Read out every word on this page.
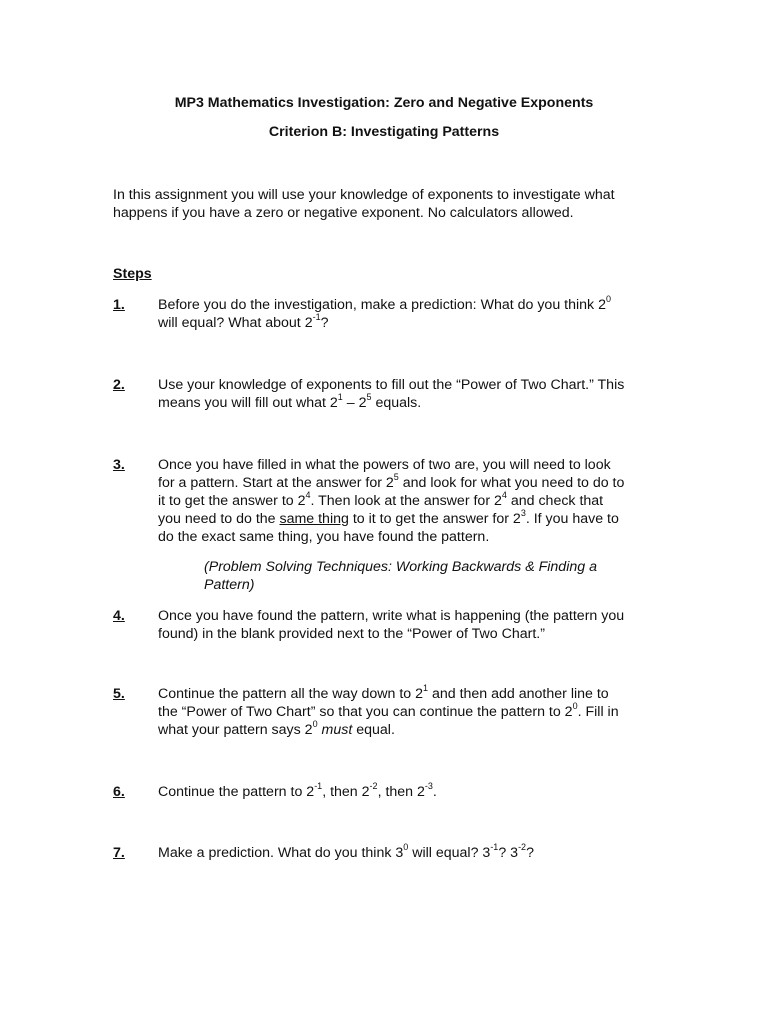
MP3 Mathematics Investigation: Zero and Negative Exponents
Criterion B: Investigating Patterns
In this assignment you will use your knowledge of exponents to investigate what
happens if you have a zero or negative exponent. No calculators allowed.
Steps
1. Before you do the investigation, make a prediction: What do you think $2^0$
will equal? What about $2^{-1}$?
2. Use your knowledge of exponents to fill out the “Power of Two Chart.” This
means you will fill out what $2^1 - 2^5$ equals.
3. Once you have filled in what the powers of two are, you will need to look
for a pattern. Start at the answer for $2^5$ and look for what you need to do to
it to get the answer to $2^4$. Then look at the answer for $2^4$ and check that
you need to do the same thing to it to get the answer for $2^3$. If you have to
do the exact same thing, you have found the pattern.
(Problem Solving Techniques: Working Backwards & Finding a
Pattern)
4. Once you have found the pattern, write what is happening (the pattern you
found) in the blank provided next to the “Power of Two Chart.”
5. Continue the pattern all the way down to $2^1$ and then add another line to
the “Power of Two Chart” so that you can continue the pattern to $2^0$. Fill in
what your pattern says $2^0$ must equal.
6. Continue the pattern to $2^{-1}$, then $2^{-2}$, then $2^{-3}$.
7. Make a prediction. What do you think $3^0$ will equal? $3^{-1}$? $3^{-2}$?
